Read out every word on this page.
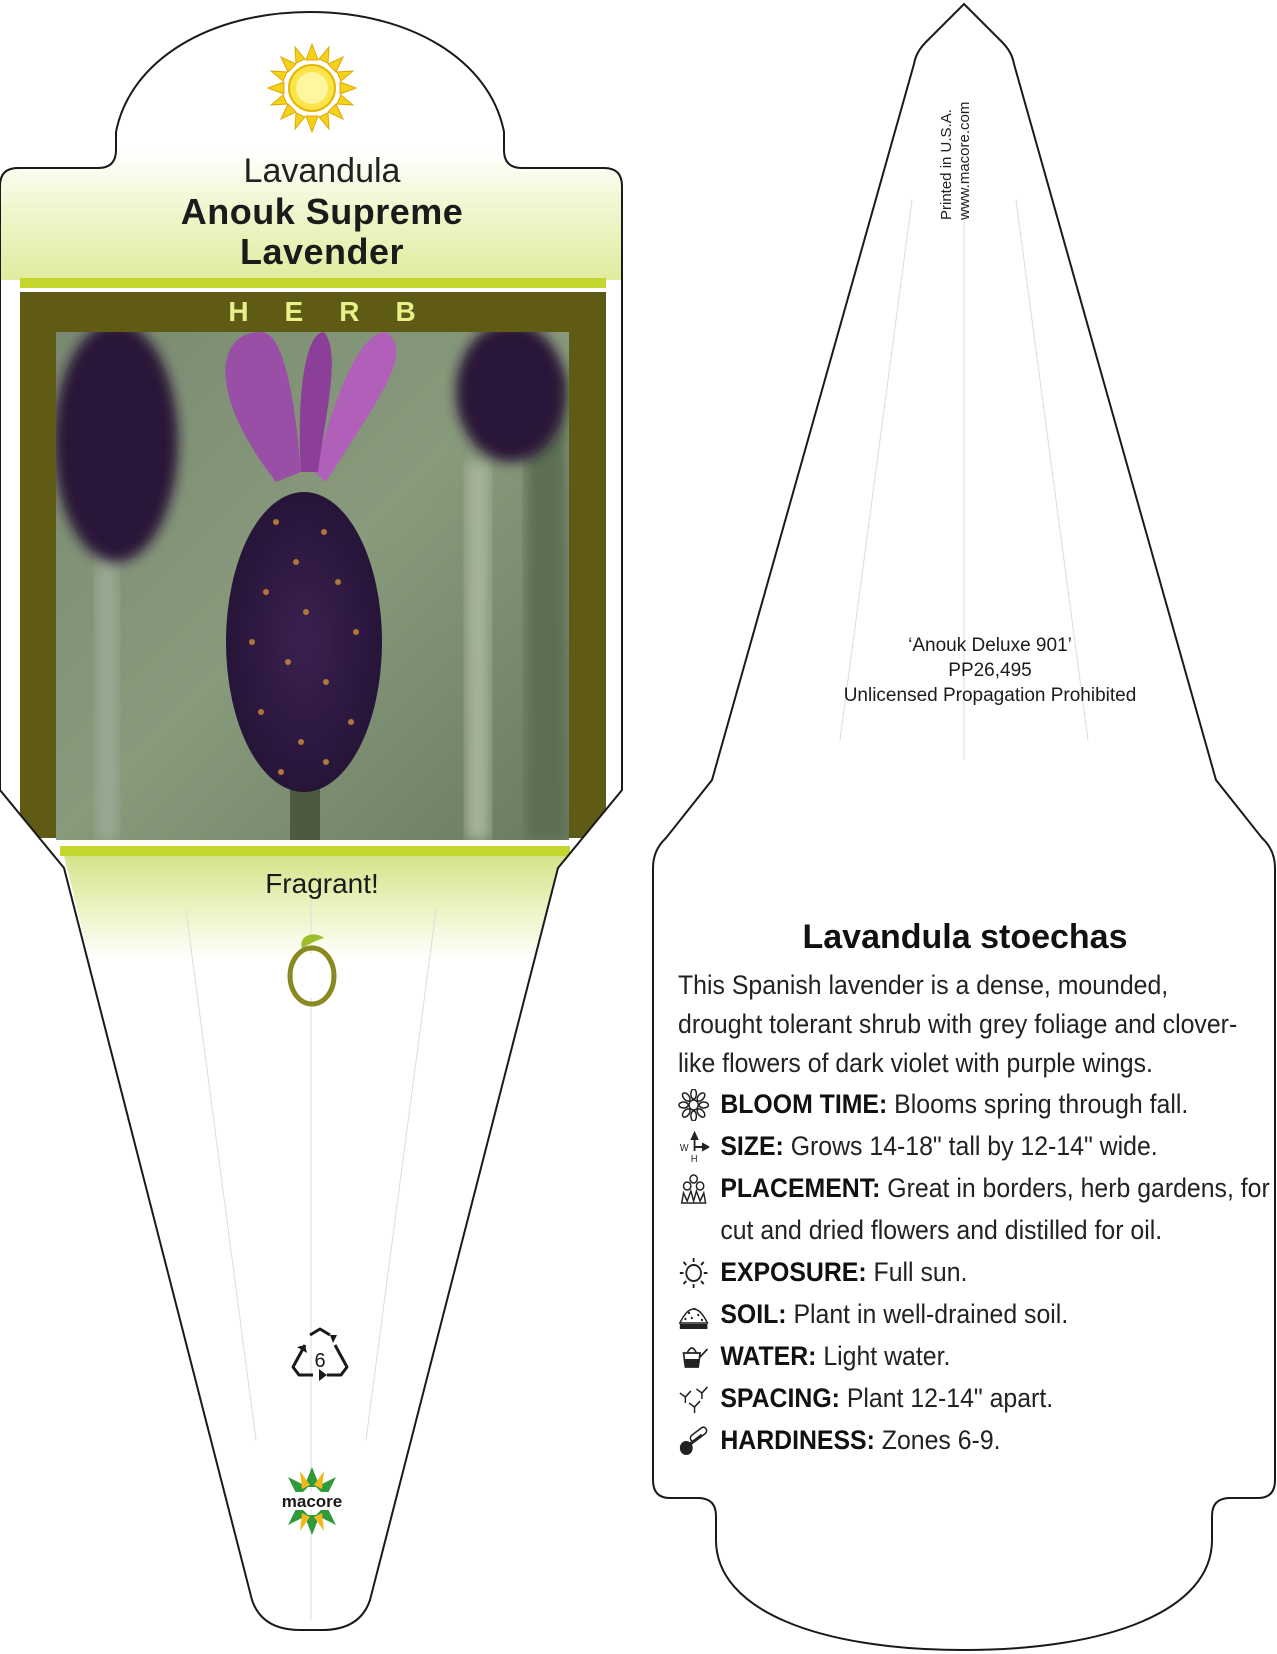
Lavandula
Anouk Supreme
Lavender
HERB
Fragrant!
6
macore
Printed in U.S.A. www.macore.com
‘Anouk Deluxe 901’
PP26,495
Unlicensed Propagation Prohibited
Lavandula stoechas
This Spanish lavender is a dense, mounded, drought tolerant shrub with grey foliage and clover-like flowers of dark violet with purple wings.
BLOOM TIME: Blooms spring through fall.
W
H SIZE: Grows 14-18" tall by 12-14" wide.
PLACEMENT: Great in borders, herb gardens, for cut and dried flowers and distilled for oil.
EXPOSURE: Full sun.
SOIL: Plant in well-drained soil.
WATER: Light water.
SPACING: Plant 12-14" apart.
HARDINESS: Zones 6-9.
